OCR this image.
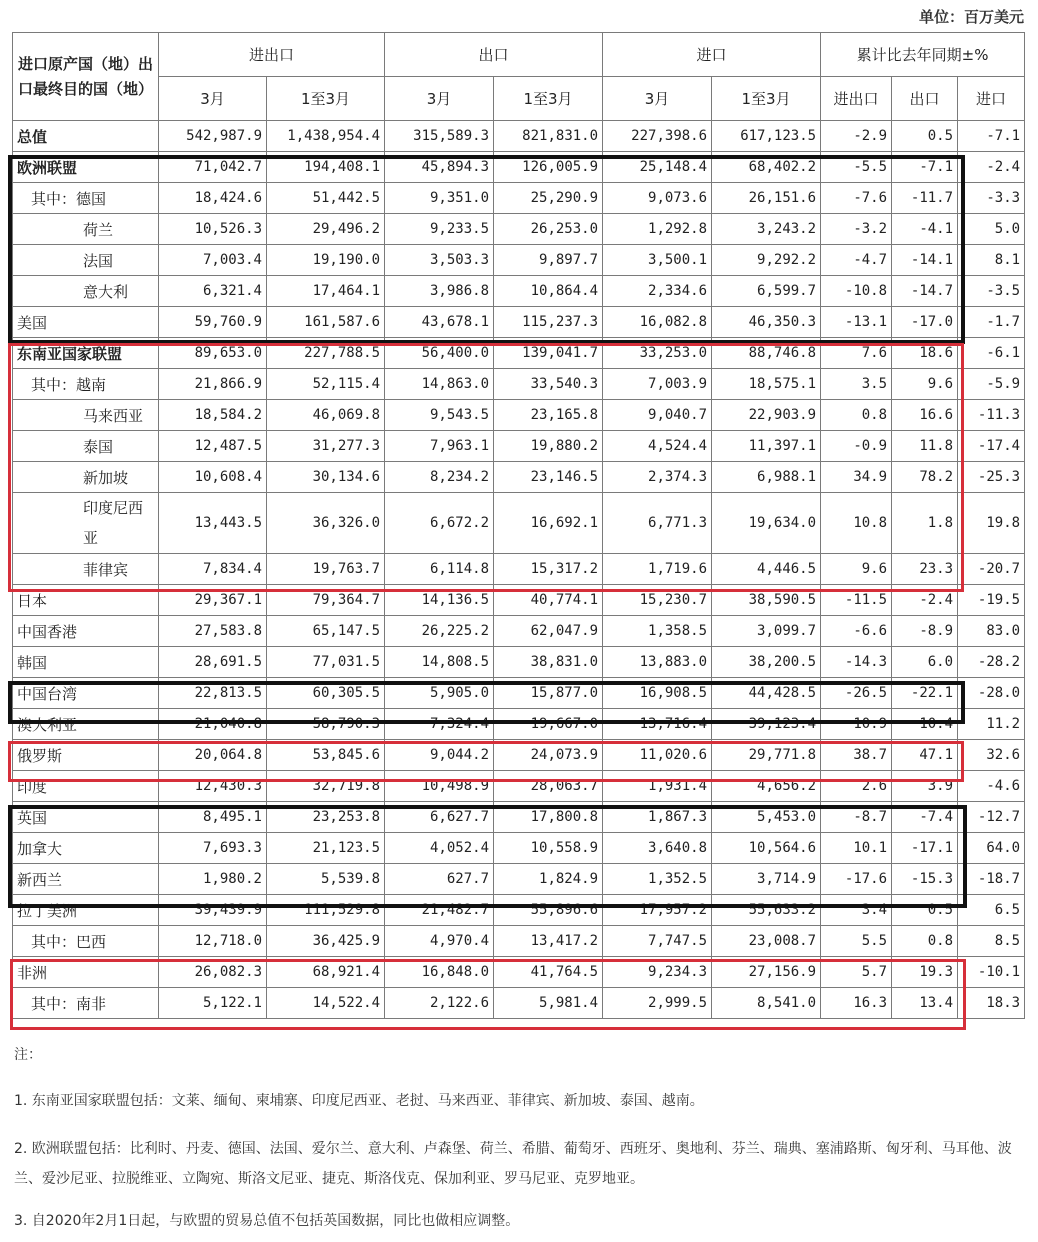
单位：百万美元
进口原产国（地）出口最终目的国（地）	进出口		出口		进口		累计比去年同期±%		
	3月	1至3月	3月	1至3月	3月	1至3月	进出口	出口	进口
总值	542,987.9	1,438,954.4	315,589.3	821,831.0	227,398.6	617,123.5	-2.9	0.5	-7.1
欧洲联盟	71,042.7	194,408.1	45,894.3	126,005.9	25,148.4	68,402.2	-5.5	-7.1	-2.4
其中：德国	18,424.6	51,442.5	9,351.0	25,290.9	9,073.6	26,151.6	-7.6	-11.7	-3.3
荷兰	10,526.3	29,496.2	9,233.5	26,253.0	1,292.8	3,243.2	-3.2	-4.1	5.0
法国	7,003.4	19,190.0	3,503.3	9,897.7	3,500.1	9,292.2	-4.7	-14.1	8.1
意大利	6,321.4	17,464.1	3,986.8	10,864.4	2,334.6	6,599.7	-10.8	-14.7	-3.5
美国	59,760.9	161,587.6	43,678.1	115,237.3	16,082.8	46,350.3	-13.1	-17.0	-1.7
东南亚国家联盟	89,653.0	227,788.5	56,400.0	139,041.7	33,253.0	88,746.8	7.6	18.6	-6.1
其中：越南	21,866.9	52,115.4	14,863.0	33,540.3	7,003.9	18,575.1	3.5	9.6	-5.9
马来西亚	18,584.2	46,069.8	9,543.5	23,165.8	9,040.7	22,903.9	0.8	16.6	-11.3
泰国	12,487.5	31,277.3	7,963.1	19,880.2	4,524.4	11,397.1	-0.9	11.8	-17.4
新加坡	10,608.4	30,134.6	8,234.2	23,146.5	2,374.3	6,988.1	34.9	78.2	-25.3
印度尼西亚	13,443.5	36,326.0	6,672.2	16,692.1	6,771.3	19,634.0	10.8	1.8	19.8
菲律宾	7,834.4	19,763.7	6,114.8	15,317.2	1,719.6	4,446.5	9.6	23.3	-20.7
日本	29,367.1	79,364.7	14,136.5	40,774.1	15,230.7	38,590.5	-11.5	-2.4	-19.5
中国香港	27,583.8	65,147.5	26,225.2	62,047.9	1,358.5	3,099.7	-6.6	-8.9	83.0
韩国	28,691.5	77,031.5	14,808.5	38,831.0	13,883.0	38,200.5	-14.3	6.0	-28.2
中国台湾	22,813.5	60,305.5	5,905.0	15,877.0	16,908.5	44,428.5	-26.5	-22.1	-28.0
澳大利亚	21,040.8	58,790.3	7,324.4	19,667.0	13,716.4	39,123.4	10.9	10.4	11.2
俄罗斯	20,064.8	53,845.6	9,044.2	24,073.9	11,020.6	29,771.8	38.7	47.1	32.6
印度	12,430.3	32,719.8	10,498.9	28,063.7	1,931.4	4,656.2	2.6	3.9	-4.6
英国	8,495.1	23,253.8	6,627.7	17,800.8	1,867.3	5,453.0	-8.7	-7.4	-12.7
加拿大	7,693.3	21,123.5	4,052.4	10,558.9	3,640.8	10,564.6	10.1	-17.1	64.0
新西兰	1,980.2	5,539.8	627.7	1,824.9	1,352.5	3,714.9	-17.6	-15.3	-18.7
拉丁美洲	39,439.9	111,529.8	21,482.7	55,896.6	17,957.2	55,633.2	3.4	0.5	6.5
其中：巴西	12,718.0	36,425.9	4,970.4	13,417.2	7,747.5	23,008.7	5.5	0.8	8.5
非洲	26,082.3	68,921.4	16,848.0	41,764.5	9,234.3	27,156.9	5.7	19.3	-10.1
其中：南非	5,122.1	14,522.4	2,122.6	5,981.4	2,999.5	8,541.0	16.3	13.4	18.3

注：

1. 东南亚国家联盟包括：文莱、缅甸、柬埔寨、印度尼西亚、老挝、马来西亚、菲律宾、新加坡、泰国、越南。

2. 欧洲联盟包括：比利时、丹麦、德国、法国、爱尔兰、意大利、卢森堡、荷兰、希腊、葡萄牙、西班牙、奥地利、芬兰、瑞典、塞浦路斯、匈牙利、马耳他、波兰、爱沙尼亚、拉脱维亚、立陶宛、斯洛文尼亚、捷克、斯洛伐克、保加利亚、罗马尼亚、克罗地亚。

3. 自2020年2月1日起，与欧盟的贸易总值不包括英国数据，同比也做相应调整。
